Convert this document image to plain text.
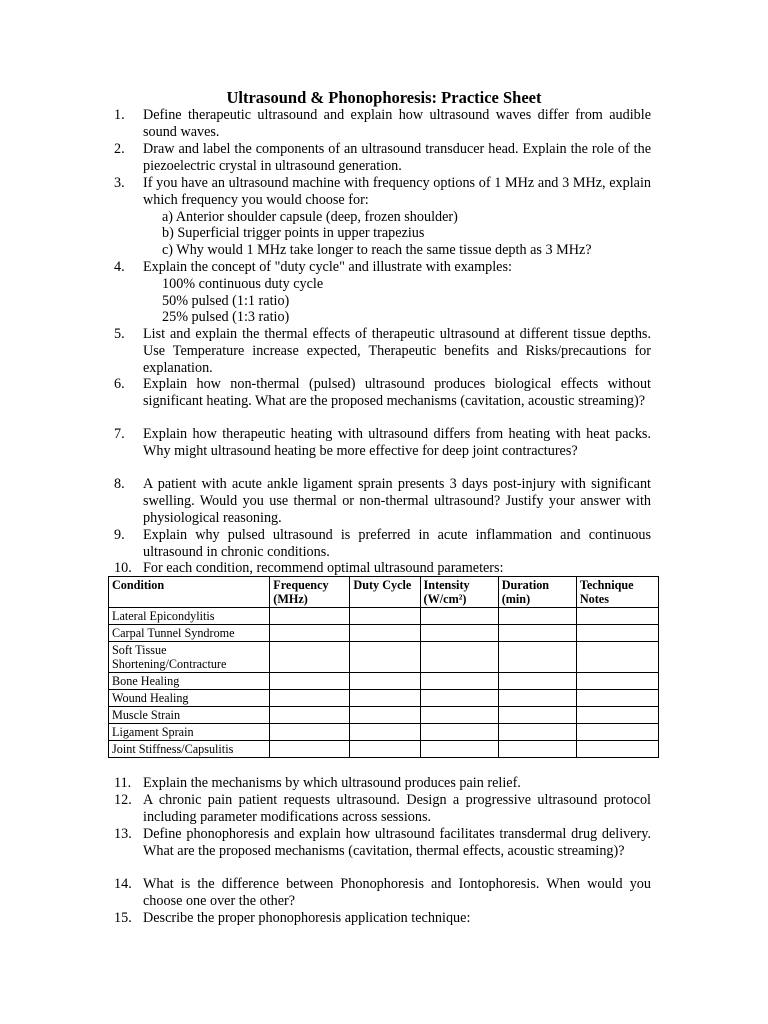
Ultrasound & Phonophoresis: Practice Sheet
1. Define therapeutic ultrasound and explain how ultrasound waves differ from audible sound waves.
2. Draw and label the components of an ultrasound transducer head. Explain the role of the piezoelectric crystal in ultrasound generation.
3. If you have an ultrasound machine with frequency options of 1 MHz and 3 MHz, explain which frequency you would choose for:
a) Anterior shoulder capsule (deep, frozen shoulder)
b) Superficial trigger points in upper trapezius
c) Why would 1 MHz take longer to reach the same tissue depth as 3 MHz?
4. Explain the concept of "duty cycle" and illustrate with examples:
100% continuous duty cycle
50% pulsed (1:1 ratio)
25% pulsed (1:3 ratio)
5. List and explain the thermal effects of therapeutic ultrasound at different tissue depths. Use Temperature increase expected, Therapeutic benefits and Risks/precautions for explanation.
6. Explain how non-thermal (pulsed) ultrasound produces biological effects without significant heating. What are the proposed mechanisms (cavitation, acoustic streaming)?
7. Explain how therapeutic heating with ultrasound differs from heating with heat packs. Why might ultrasound heating be more effective for deep joint contractures?
8. A patient with acute ankle ligament sprain presents 3 days post-injury with significant swelling. Would you use thermal or non-thermal ultrasound? Justify your answer with physiological reasoning.
9. Explain why pulsed ultrasound is preferred in acute inflammation and continuous ultrasound in chronic conditions.
10. For each condition, recommend optimal ultrasound parameters:
Condition	Frequency (MHz)	Duty Cycle	Intensity (W/cm²)	Duration (min)	Technique Notes
Lateral Epicondylitis					
Carpal Tunnel Syndrome					
Soft Tissue Shortening/Contracture					
Bone Healing					
Wound Healing					
Muscle Strain					
Ligament Sprain					
Joint Stiffness/Capsulitis					
11. Explain the mechanisms by which ultrasound produces pain relief.
12. A chronic pain patient requests ultrasound. Design a progressive ultrasound protocol including parameter modifications across sessions.
13. Define phonophoresis and explain how ultrasound facilitates transdermal drug delivery. What are the proposed mechanisms (cavitation, thermal effects, acoustic streaming)?
14. What is the difference between Phonophoresis and Iontophoresis. When would you choose one over the other?
15. Describe the proper phonophoresis application technique:
